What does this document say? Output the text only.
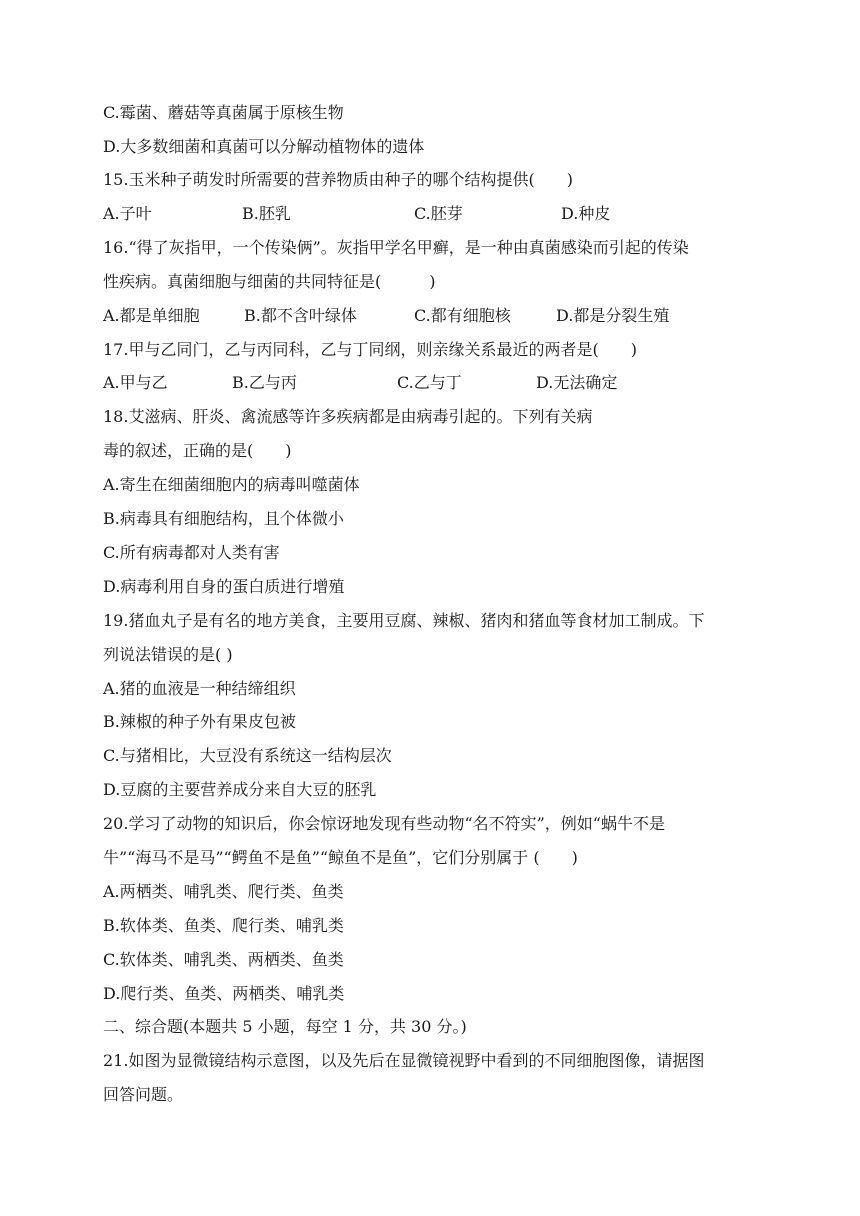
C.霉菌、蘑菇等真菌属于原核生物
D.大多数细菌和真菌可以分解动植物体的遗体
15.玉米种子萌发时所需要的营养物质由种子的哪个结构提供(　　)
A.子叶	B.胚乳	C.胚芽	D.种皮
16.“得了灰指甲，一个传染俩”。灰指甲学名甲癣，是一种由真菌感染而引起的传染
性疾病。真菌细胞与细菌的共同特征是(　　　)
A.都是单细胞	B.都不含叶绿体	C.都有细胞核	D.都是分裂生殖
17.甲与乙同门，乙与丙同科，乙与丁同纲，则亲缘关系最近的两者是(　　)
A.甲与乙	B.乙与丙	C.乙与丁	D.无法确定
18.艾滋病、肝炎、禽流感等许多疾病都是由病毒引起的。下列有关病
毒的叙述，正确的是(　　)
A.寄生在细菌细胞内的病毒叫噬菌体
B.病毒具有细胞结构，且个体微小
C.所有病毒都对人类有害
D.病毒利用自身的蛋白质进行增殖
19.猪血丸子是有名的地方美食，主要用豆腐、辣椒、猪肉和猪血等食材加工制成。下
列说法错误的是( )
A.猪的血液是一种结缔组织
B.辣椒的种子外有果皮包被
C.与猪相比，大豆没有系统这一结构层次
D.豆腐的主要营养成分来自大豆的胚乳
20.学习了动物的知识后，你会惊讶地发现有些动物“名不符实”，例如“蜗牛不是
牛”“海马不是马”“鳄鱼不是鱼”“鲸鱼不是鱼”，它们分别属于 (　　)
A.两栖类、哺乳类、爬行类、鱼类
B.软体类、鱼类、爬行类、哺乳类
C.软体类、哺乳类、两栖类、鱼类
D.爬行类、鱼类、两栖类、哺乳类
二、综合题(本题共 5 小题，每空 1 分，共 30 分。)
21.如图为显微镜结构示意图，以及先后在显微镜视野中看到的不同细胞图像，请据图
回答问题。
